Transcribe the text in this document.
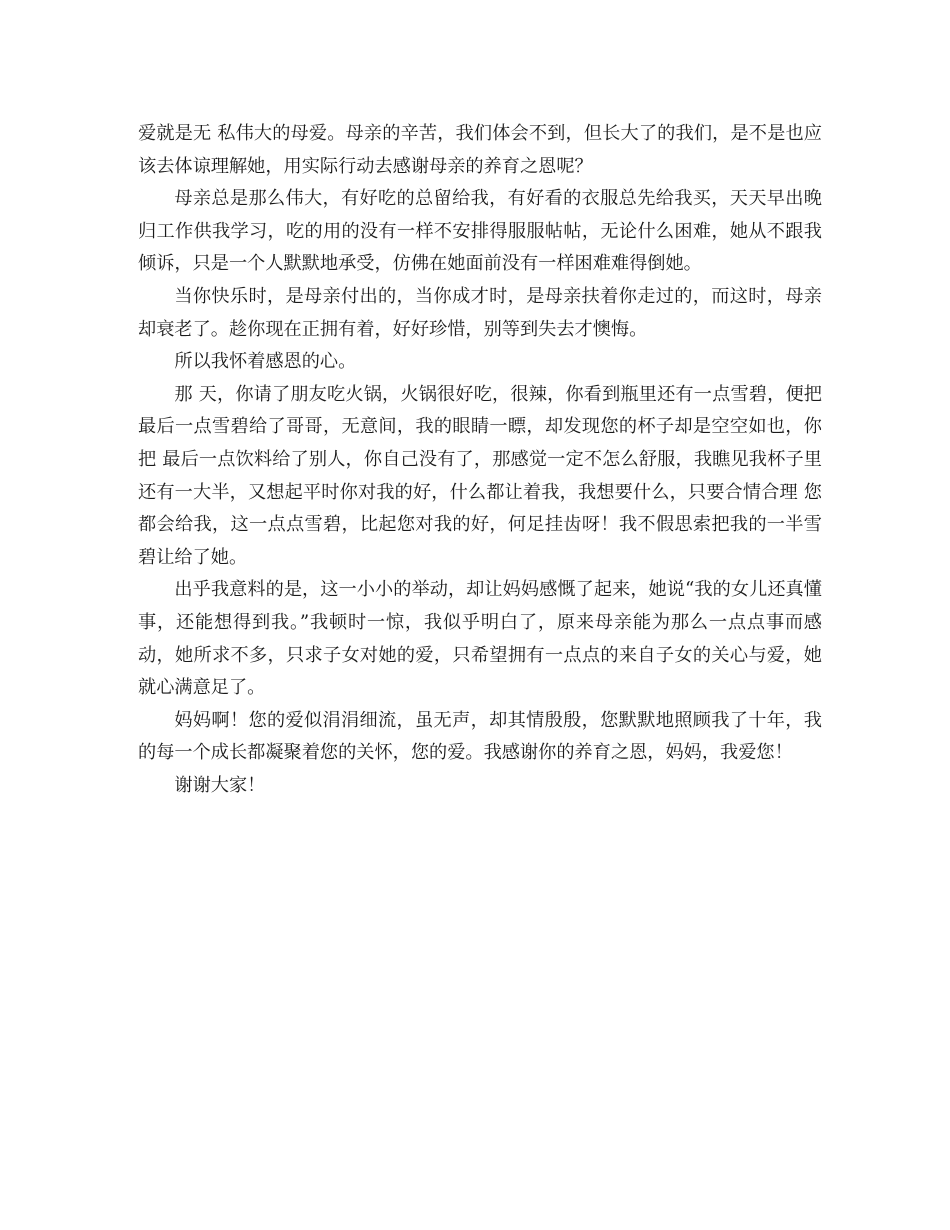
爱就是无 私伟大的母爱。母亲的辛苦，我们体会不到，但长大了的我们，是不是也应该去体谅理解她，用实际行动去感谢母亲的养育之恩呢？

母亲总是那么伟大，有好吃的总留给我，有好看的衣服总先给我买，天天早出晚归工作供我学习，吃的用的没有一样不安排得服服帖帖，无论什么困难，她从不跟我倾诉，只是一个人默默地承受，仿佛在她面前没有一样困难难得倒她。

当你快乐时，是母亲付出的，当你成才时，是母亲扶着你走过的，而这时，母亲却衰老了。趁你现在正拥有着，好好珍惜，别等到失去才懊悔。

所以我怀着感恩的心。

那 天，你请了朋友吃火锅，火锅很好吃，很辣，你看到瓶里还有一点雪碧，便把最后一点雪碧给了哥哥，无意间，我的眼睛一瞟，却发现您的杯子却是空空如也，你把 最后一点饮料给了别人，你自己没有了，那感觉一定不怎么舒服，我瞧见我杯子里还有一大半，又想起平时你对我的好，什么都让着我，我想要什么，只要合情合理 您都会给我，这一点点雪碧，比起您对我的好，何足挂齿呀！我不假思索把我的一半雪碧让给了她。

出乎我意料的是，这一小小的举动，却让妈妈感慨了起来，她说“我的女儿还真懂事，还能想得到我。”我顿时一惊，我似乎明白了，原来母亲能为那么一点点事而感动，她所求不多，只求子女对她的爱，只希望拥有一点点的来自子女的关心与爱，她就心满意足了。

妈妈啊！您的爱似涓涓细流，虽无声，却其情殷殷，您默默地照顾我了十年，我的每一个成长都凝聚着您的关怀，您的爱。我感谢你的养育之恩，妈妈，我爱您！

谢谢大家！
